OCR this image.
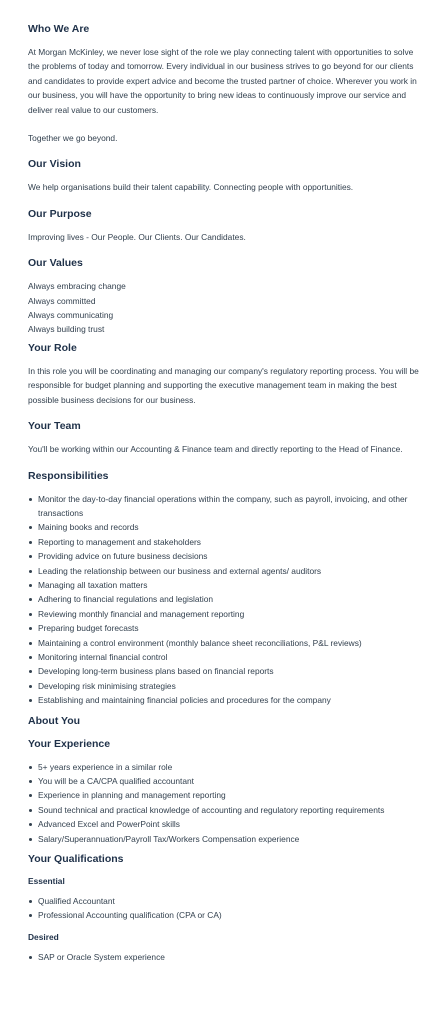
Who We Are

At Morgan McKinley, we never lose sight of the role we play connecting talent with opportunities to solve the problems of today and tomorrow. Every individual in our business strives to go beyond for our clients and candidates to provide expert advice and become the trusted partner of choice. Wherever you work in our business, you will have the opportunity to bring new ideas to continuously improve our service and deliver real value to our customers.

Together we go beyond.

Our Vision

We help organisations build their talent capability. Connecting people with opportunities.

Our Purpose

Improving lives - Our People. Our Clients. Our Candidates.

Our Values
Always embracing change
Always committed
Always communicating
Always building trust
Your Role

In this role you will be coordinating and managing our company's regulatory reporting process. You will be responsible for budget planning and supporting the executive management team in making the best possible business decisions for our business.

Your Team

You'll be working within our Accounting & Finance team and directly reporting to the Head of Finance.

Responsibilities
Monitor the day-to-day financial operations within the company, such as payroll, invoicing, and other transactions
Maining books and records
Reporting to management and stakeholders
Providing advice on future business decisions
Leading the relationship between our business and external agents/ auditors
Managing all taxation matters
Adhering to financial regulations and legislation
Reviewing monthly financial and management reporting
Preparing budget forecasts
Maintaining a control environment (monthly balance sheet reconciliations, P&L reviews)
Monitoring internal financial control
Developing long-term business plans based on financial reports
Developing risk minimising strategies
Establishing and maintaining financial policies and procedures for the company
About You
Your Experience
5+ years experience in a similar role
You will be a CA/CPA qualified accountant
Experience in planning and management reporting
Sound technical and practical knowledge of accounting and regulatory reporting requirements
Advanced Excel and PowerPoint skills
Salary/Superannuation/Payroll Tax/Workers Compensation experience
Your Qualifications
Essential
Qualified Accountant
Professional Accounting qualification (CPA or CA)
Desired
SAP or Oracle System experience
